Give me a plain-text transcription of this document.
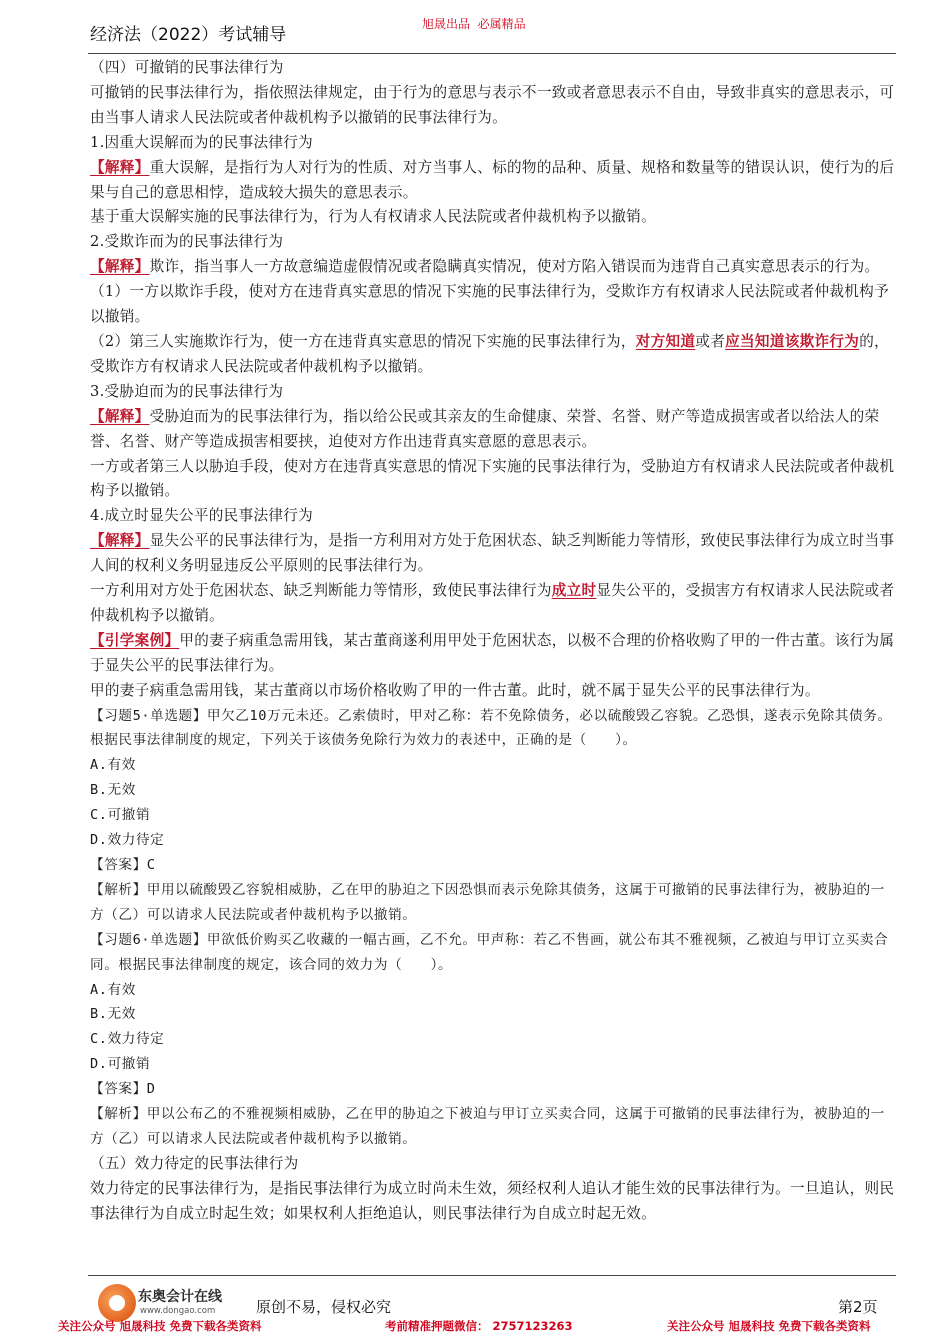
经济法（2022）考试辅导
旭晟出品  必属精品

（四）可撤销的民事法律行为

可撤销的民事法律行为，指依照法律规定，由于行为的意思与表示不一致或者意思表示不自由，导致非真实的意思表示，可由当事人请求人民法院或者仲裁机构予以撤销的民事法律行为。

1.因重大误解而为的民事法律行为

【解释】重大误解，是指行为人对行为的性质、对方当事人、标的物的品种、质量、规格和数量等的错误认识，使行为的后果与自己的意思相悖，造成较大损失的意思表示。

基于重大误解实施的民事法律行为，行为人有权请求人民法院或者仲裁机构予以撤销。

2.受欺诈而为的民事法律行为

【解释】欺诈，指当事人一方故意编造虚假情况或者隐瞒真实情况，使对方陷入错误而为违背自己真实意思表示的行为。

（1）一方以欺诈手段，使对方在违背真实意思的情况下实施的民事法律行为，受欺诈方有权请求人民法院或者仲裁机构予以撤销。

（2）第三人实施欺诈行为，使一方在违背真实意思的情况下实施的民事法律行为，对方知道或者应当知道该欺诈行为的，受欺诈方有权请求人民法院或者仲裁机构予以撤销。

3.受胁迫而为的民事法律行为

【解释】受胁迫而为的民事法律行为，指以给公民或其亲友的生命健康、荣誉、名誉、财产等造成损害或者以给法人的荣誉、名誉、财产等造成损害相要挟，迫使对方作出违背真实意愿的意思表示。

一方或者第三人以胁迫手段，使对方在违背真实意思的情况下实施的民事法律行为，受胁迫方有权请求人民法院或者仲裁机构予以撤销。

4.成立时显失公平的民事法律行为

【解释】显失公平的民事法律行为，是指一方利用对方处于危困状态、缺乏判断能力等情形，致使民事法律行为成立时当事人间的权利义务明显违反公平原则的民事法律行为。

一方利用对方处于危困状态、缺乏判断能力等情形，致使民事法律行为成立时显失公平的，受损害方有权请求人民法院或者仲裁机构予以撤销。

【引学案例】甲的妻子病重急需用钱，某古董商遂利用甲处于危困状态，以极不合理的价格收购了甲的一件古董。该行为属于显失公平的民事法律行为。

甲的妻子病重急需用钱，某古董商以市场价格收购了甲的一件古董。此时，就不属于显失公平的民事法律行为。

【习题5·单选题】甲欠乙10万元未还。乙索债时，甲对乙称：若不免除债务，必以硫酸毁乙容貌。乙恐惧，遂表示免除其债务。根据民事法律制度的规定，下列关于该债务免除行为效力的表述中，正确的是（　　）。

A.有效

B.无效

C.可撤销

D.效力待定

【答案】C

【解析】甲用以硫酸毁乙容貌相威胁，乙在甲的胁迫之下因恐惧而表示免除其债务，这属于可撤销的民事法律行为，被胁迫的一方（乙）可以请求人民法院或者仲裁机构予以撤销。

【习题6·单选题】甲欲低价购买乙收藏的一幅古画，乙不允。甲声称：若乙不售画，就公布其不雅视频，乙被迫与甲订立买卖合同。根据民事法律制度的规定，该合同的效力为（　　）。

A.有效

B.无效

C.效力待定

D.可撤销

【答案】D

【解析】甲以公布乙的不雅视频相威胁，乙在甲的胁迫之下被迫与甲订立买卖合同，这属于可撤销的民事法律行为，被胁迫的一方（乙）可以请求人民法院或者仲裁机构予以撤销。

（五）效力待定的民事法律行为

效力待定的民事法律行为，是指民事法律行为成立时尚未生效，须经权利人追认才能生效的民事法律行为。一旦追认，则民事法律行为自成立时起生效；如果权利人拒绝追认，则民事法律行为自成立时起无效。

东奥会计在线
www.dongao.com	原创不易，侵权必究	第2页
关注公众号 旭晟科技 免费下载各类资料	考前精准押题微信： 2757123263	关注公众号 旭晟科技 免费下载各类资料
